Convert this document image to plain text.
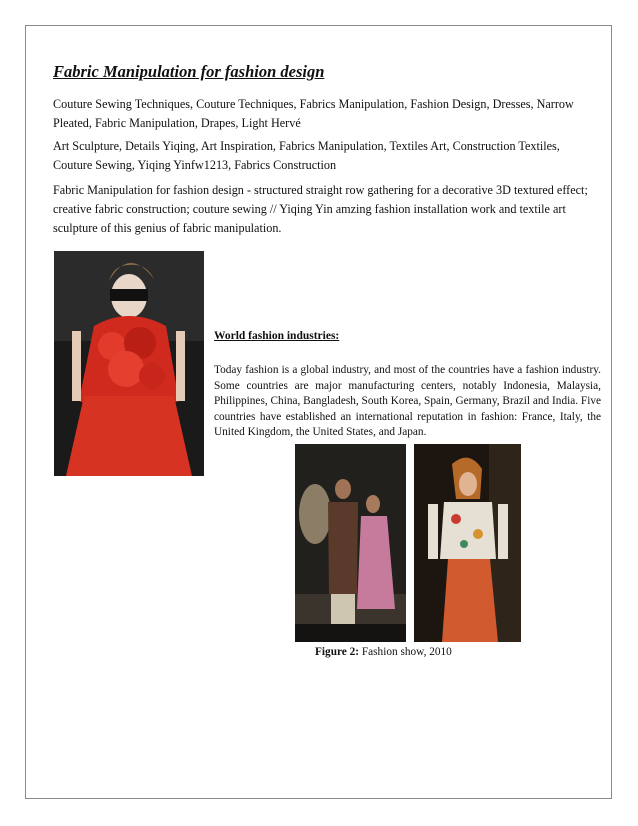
Fabric Manipulation for fashion design
Couture Sewing Techniques, Couture Techniques, Fabrics Manipulation, Fashion Design, Dresses, Narrow Pleated, Fabric Manipulation, Drapes, Light Hervé
Art Sculpture, Details Yiqing, Art Inspiration, Fabrics Manipulation, Textiles Art, Construction Textiles, Couture Sewing, Yiqing Yinfw1213, Fabrics Construction
Fabric Manipulation for fashion design - structured straight row gathering for a decorative 3D textured effect; creative fabric construction; couture sewing // Yiqing Yin amzing fashion installation work and textile art sculpture of this genius of fabric manipulation.
World fashion industries:
Today fashion is a global industry, and most of the countries have a fashion industry. Some countries are major manufacturing centers, notably Indonesia, Malaysia, Philippines, China, Bangladesh, South Korea, Spain, Germany, Brazil and India. Five countries have established an international reputation in fashion: France, Italy, the United Kingdom, the United States, and Japan.
Figure 2: Fashion show, 2010
